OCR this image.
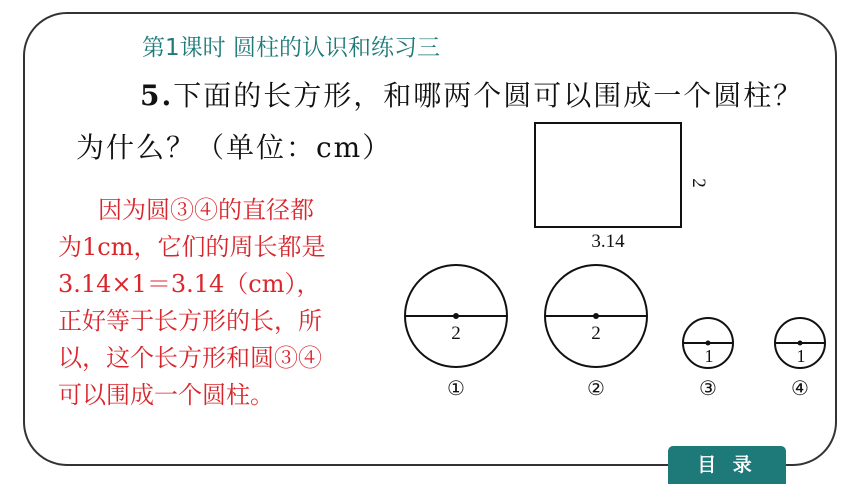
第1课时 圆柱的认识和练习三
5.下面的长方形，和哪两个圆可以围成一个圆柱？
为什么？（单位：cm）
因为圆③④的直径都
为1cm，它们的周长都是
3.14×1＝3.14（cm），
正好等于长方形的长，所
以，这个长方形和圆③④
可以围成一个圆柱。
3.14
2
2
①
2
②
1
③
1
④
目 录
